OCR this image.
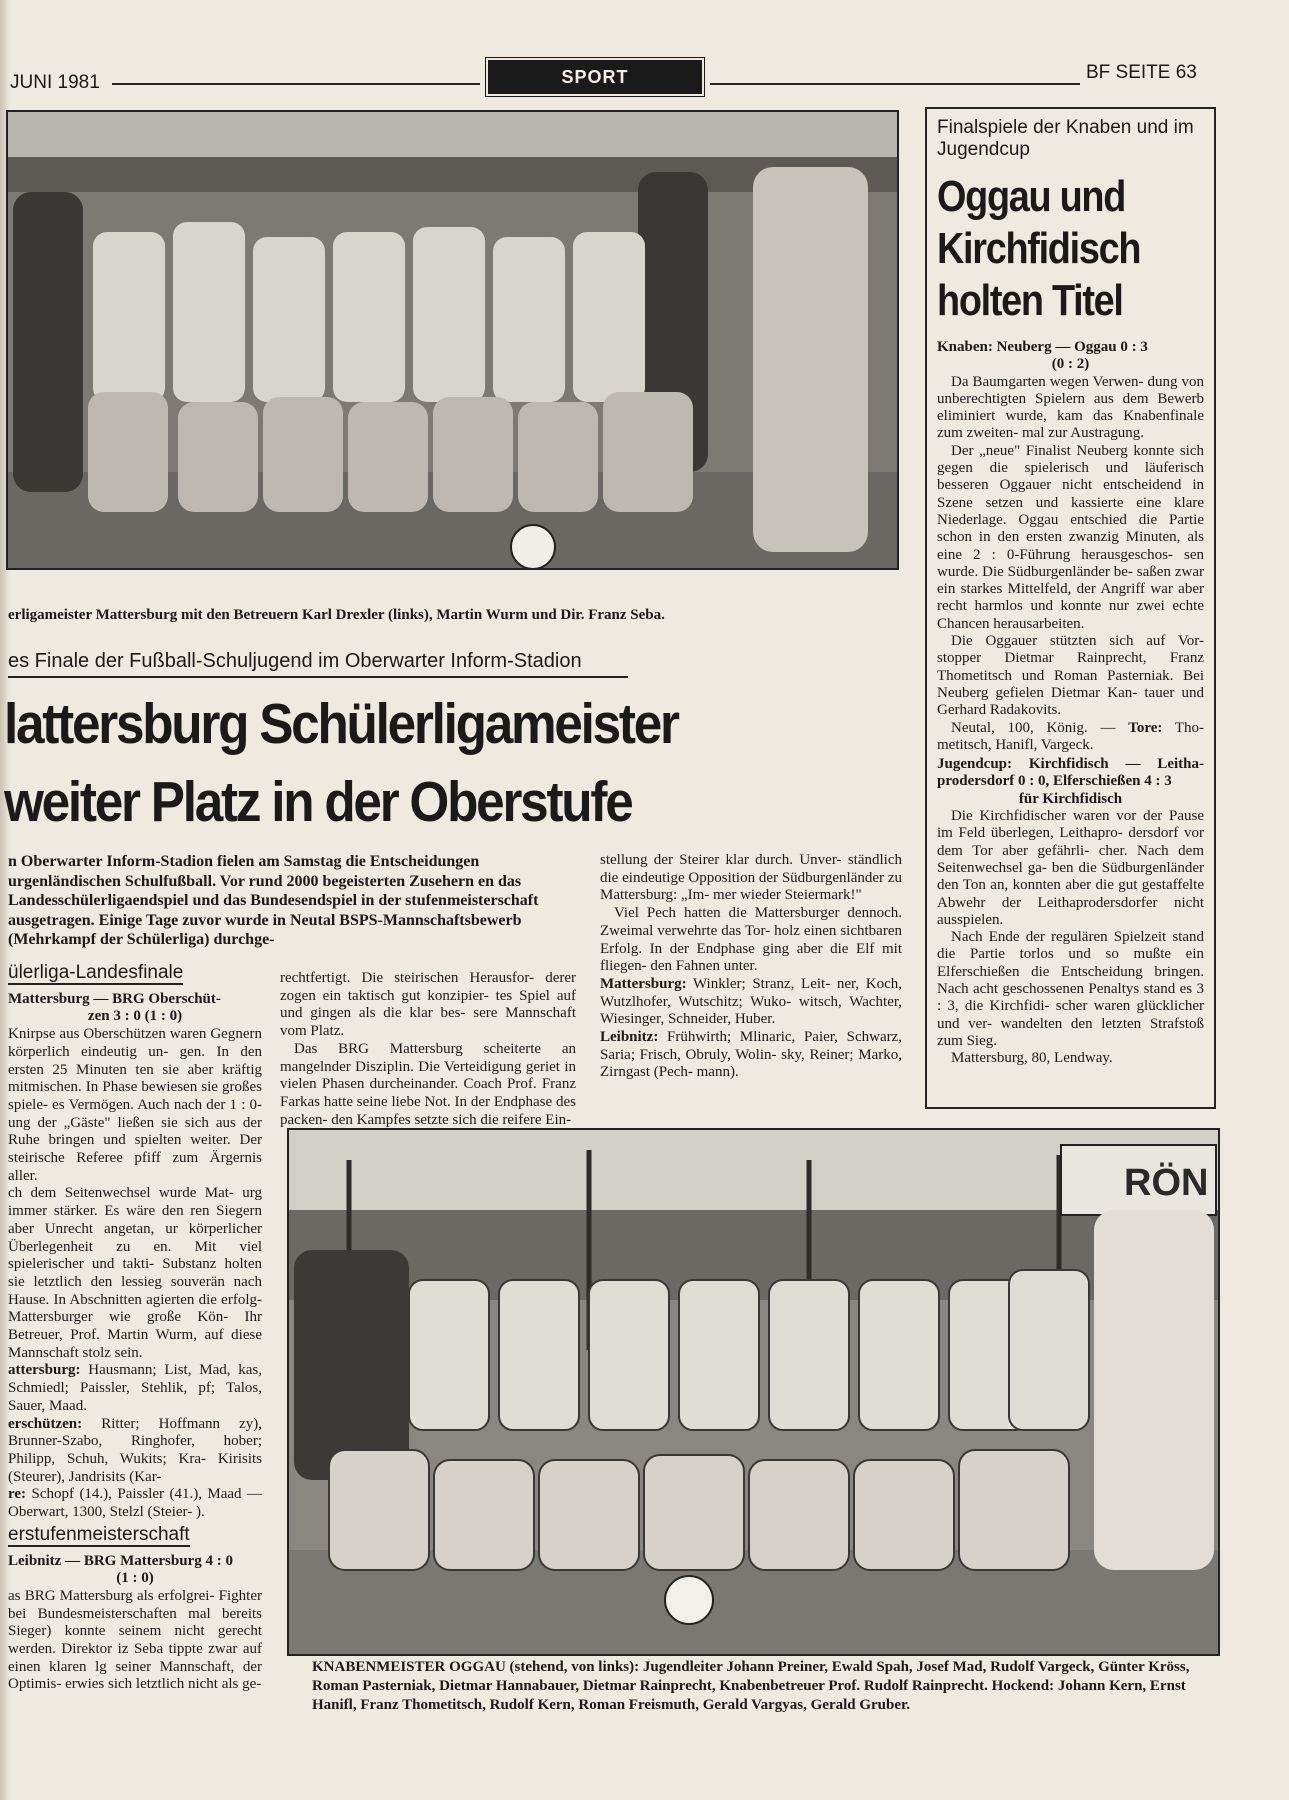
JUNI 1981	SPORT	BF SEITE 63
erligameister Mattersburg mit den Betreuern Karl Drexler (links), Martin Wurm und Dir. Franz Seba.
es Finale der Fußball-Schuljugend im Oberwarter Inform-Stadion
lattersburg Schülerligameister
weiter Platz in der Oberstufe
n Oberwarter Inform-Stadion fielen am Samstag die Entscheidungen urgenländischen Schulfußball. Vor rund 2000 begeisterten Zusehern en das Landesschülerligaendspiel und das Bundesendspiel in der stufenmeisterschaft ausgetragen. Einige Tage zuvor wurde in Neutal BSPS-Mannschaftsbewerb (Mehrkampf der Schülerliga) durchge-
ülerliga-Landesfinale
Mattersburg — BRG Oberschüt-
zen 3 : 0 (1 : 0)

Knirpse aus Oberschützen waren Gegnern körperlich eindeutig un- gen. In den ersten 25 Minuten ten sie aber kräftig mitmischen. In Phase bewiesen sie großes spiele- es Vermögen. Auch nach der 1 : 0- ung der „Gäste" ließen sie sich aus der Ruhe bringen und spielten weiter. Der steirische Referee pfiff zum Ärgernis aller.

ch dem Seitenwechsel wurde Mat- urg immer stärker. Es wäre den ren Siegern aber Unrecht angetan, ur körperlicher Überlegenheit zu en. Mit viel spielerischer und takti- Substanz holten sie letztlich den lessieg souverän nach Hause. In Abschnitten agierten die erfolg- Mattersburger wie große Kön- Ihr Betreuer, Prof. Martin Wurm, auf diese Mannschaft stolz sein.

attersburg: Hausmann; List, Mad, kas, Schmiedl; Paissler, Stehlik, pf; Talos, Sauer, Maad.

erschützen: Ritter; Hoffmann zy), Brunner-Szabo, Ringhofer, hober; Philipp, Schuh, Wukits; Kra- Kirisits (Steurer), Jandrisits (Kar-

re: Schopf (14.), Paissler (41.), Maad — Oberwart, 1300, Stelzl (Steier- ).

erstufenmeisterschaft
Leibnitz — BRG Mattersburg 4 : 0
(1 : 0)

as BRG Mattersburg als erfolgrei- Fighter bei Bundesmeisterschaften mal bereits Sieger) konnte seinem nicht gerecht werden. Direktor iz Seba tippte zwar auf einen klaren lg seiner Mannschaft, der Optimis- erwies sich letztlich nicht als ge-

rechtfertigt. Die steirischen Herausfor- derer zogen ein taktisch gut konzipier- tes Spiel auf und gingen als die klar bes- sere Mannschaft vom Platz.

Das BRG Mattersburg scheiterte an mangelnder Disziplin. Die Verteidigung geriet in vielen Phasen durcheinander. Coach Prof. Franz Farkas hatte seine liebe Not. In der Endphase des packen- den Kampfes setzte sich die reifere Ein-

stellung der Steirer klar durch. Unver- ständlich die eindeutige Opposition der Südburgenländer zu Mattersburg: „Im- mer wieder Steiermark!"

Viel Pech hatten die Mattersburger dennoch. Zweimal verwehrte das Tor- holz einen sichtbaren Erfolg. In der Endphase ging aber die Elf mit fliegen- den Fahnen unter.

Mattersburg: Winkler; Stranz, Leit- ner, Koch, Wutzlhofer, Wutschitz; Wuko- witsch, Wachter, Wiesinger, Schneider, Huber.

Leibnitz: Frühwirth; Mlinaric, Paier, Schwarz, Saria; Frisch, Obruly, Wolin- sky, Reiner; Marko, Zirngast (Pech- mann).

Finalspiele der Knaben und im Jugendcup
Oggau und
Kirchfidisch
holten Titel
Knaben: Neuberg — Oggau 0 : 3
(0 : 2)

Da Baumgarten wegen Verwen- dung von unberechtigten Spielern aus dem Bewerb eliminiert wurde, kam das Knabenfinale zum zweiten- mal zur Austragung.

Der „neue" Finalist Neuberg konnte sich gegen die spielerisch und läuferisch besseren Oggauer nicht entscheidend in Szene setzen und kassierte eine klare Niederlage. Oggau entschied die Partie schon in den ersten zwanzig Minuten, als eine 2 : 0-Führung herausgeschos- sen wurde. Die Südburgenländer be- saßen zwar ein starkes Mittelfeld, der Angriff war aber recht harmlos und konnte nur zwei echte Chancen herausarbeiten.

Die Oggauer stützten sich auf Vor- stopper Dietmar Rainprecht, Franz Thometitsch und Roman Pasterniak. Bei Neuberg gefielen Dietmar Kan- tauer und Gerhard Radakovits.

Neutal, 100, König. — Tore: Tho- metitsch, Hanifl, Vargeck.

Jugendcup: Kirchfidisch — Leitha- prodersdorf 0 : 0, Elferschießen 4 : 3
für Kirchfidisch

Die Kirchfidischer waren vor der Pause im Feld überlegen, Leithapro- dersdorf vor dem Tor aber gefährli- cher. Nach dem Seitenwechsel ga- ben die Südburgenländer den Ton an, konnten aber die gut gestaffelte Abwehr der Leithaprodersdorfer nicht ausspielen.

Nach Ende der regulären Spielzeit stand die Partie torlos und so mußte ein Elferschießen die Entscheidung bringen. Nach acht geschossenen Penaltys stand es 3 : 3, die Kirchfidi- scher waren glücklicher und ver- wandelten den letzten Strafstoß zum Sieg.

Mattersburg, 80, Lendway.

RÖN
KNABENMEISTER OGGAU (stehend, von links): Jugendleiter Johann Preiner, Ewald Spah, Josef Mad, Rudolf Vargeck, Günter Kröss, Roman Pasterniak, Dietmar Hannabauer, Dietmar Rainprecht, Knabenbetreuer Prof. Rudolf Rainprecht. Hockend: Johann Kern, Ernst Hanifl, Franz Thometitsch, Rudolf Kern, Roman Freismuth, Gerald Vargyas, Gerald Gruber.
